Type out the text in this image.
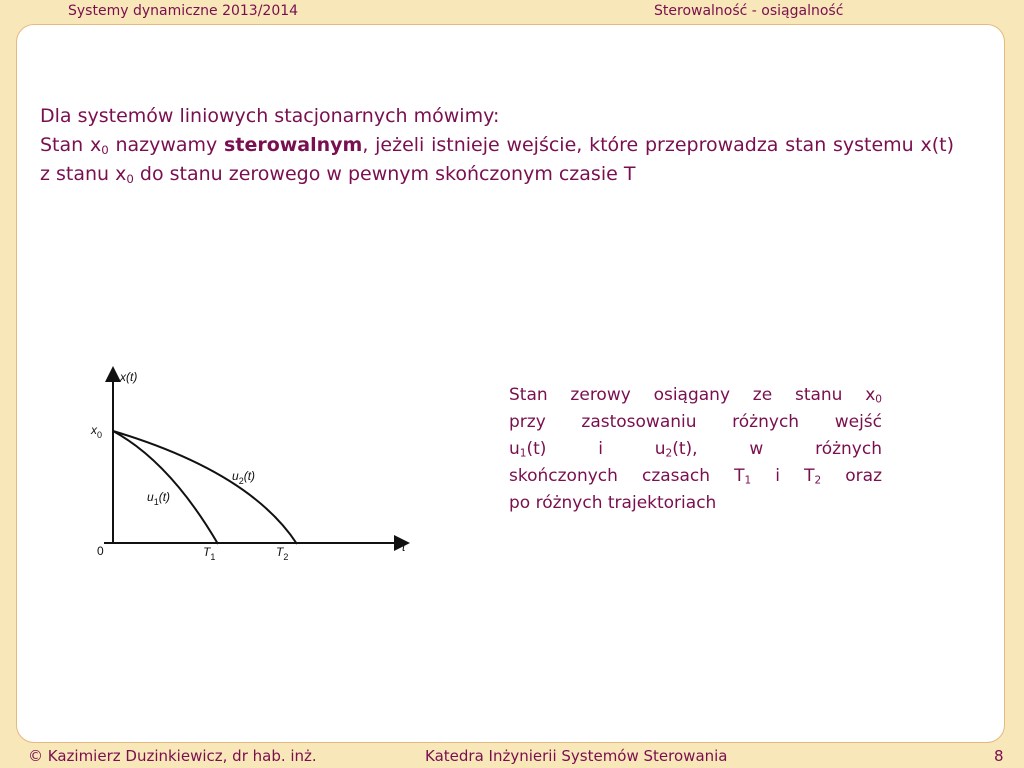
Systemy dynamiczne 2013/2014	Sterowalność - osiągalność

Dla systemów liniowych stacjonarnych mówimy:

Stan $x_0$ nazywamy sterowalnym, jeżeli istnieje wejście, które przeprowadza stan systemu x(t) z stanu $x_0$ do stanu zerowego w pewnym skończonym czasie T

x(t)
t
$x_0$
0
$u_1(t)$
$u_2(t)$
$T_1$	$T_2$
Stan zerowy osiągany ze stanu $x_0$
przy zastosowaniu różnych wejść
$u_1(t)$ i $u_2(t)$, w różnych
skończonych czasach $T_1$ i $T_2$ oraz
po różnych trajektoriach
© Kazimierz Duzinkiewicz, dr hab. inż.	Katedra Inżynierii Systemów Sterowania	8
